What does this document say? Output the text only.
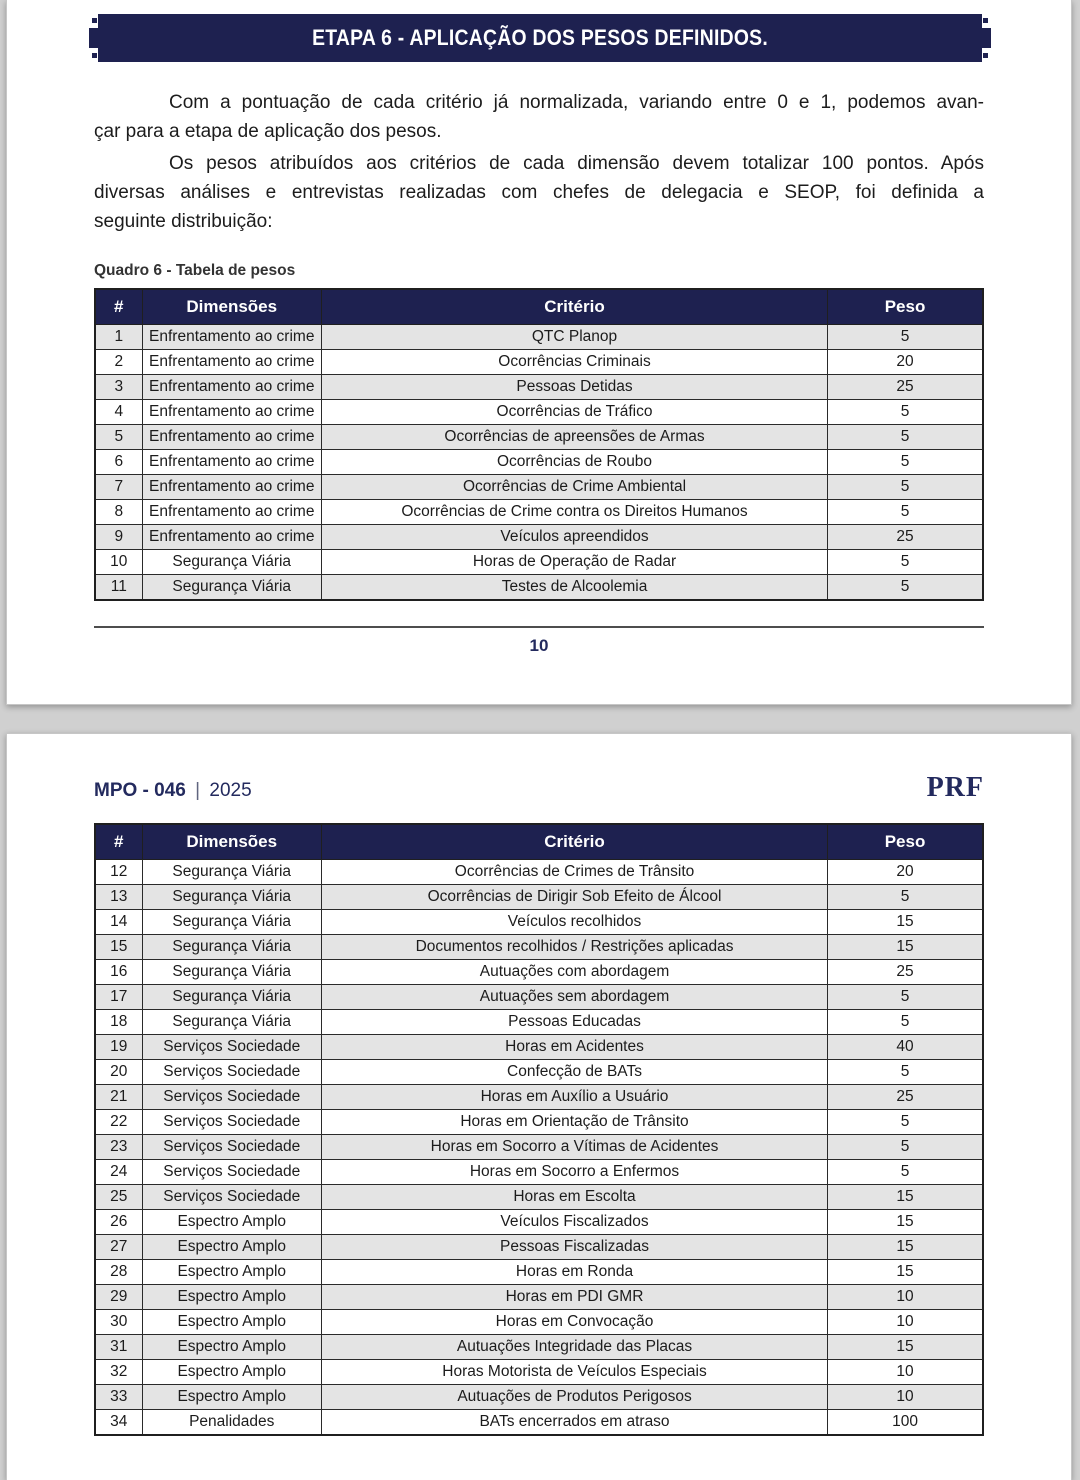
ETAPA 6 - APLICAÇÃO DOS PESOS DEFINIDOS.

Com a pontuação de cada critério já normalizada, variando entre 0 e 1, podemos avan-
çar para a etapa de aplicação dos pesos.

Os pesos atribuídos aos critérios de cada dimensão devem totalizar 100 pontos. Após
diversas análises e entrevistas realizadas com chefes de delegacia e SEOP, foi definida a
seguinte distribuição:

Quadro 6 - Tabela de pesos
#	Dimensões	Critério	Peso
1	Enfrentamento ao crime	QTC Planop	5
2	Enfrentamento ao crime	Ocorrências Criminais	20
3	Enfrentamento ao crime	Pessoas Detidas	25
4	Enfrentamento ao crime	Ocorrências de Tráfico	5
5	Enfrentamento ao crime	Ocorrências de apreensões de Armas	5
6	Enfrentamento ao crime	Ocorrências de Roubo	5
7	Enfrentamento ao crime	Ocorrências de Crime Ambiental	5
8	Enfrentamento ao crime	Ocorrências de Crime contra os Direitos Humanos	5
9	Enfrentamento ao crime	Veículos apreendidos	25
10	Segurança Viária	Horas de Operação de Radar	5
11	Segurança Viária	Testes de Alcoolemia	5
10
MPO - 046 | 2025	PRF
#	Dimensões	Critério	Peso
12	Segurança Viária	Ocorrências de Crimes de Trânsito	20
13	Segurança Viária	Ocorrências de Dirigir Sob Efeito de Álcool	5
14	Segurança Viária	Veículos recolhidos	15
15	Segurança Viária	Documentos recolhidos / Restrições aplicadas	15
16	Segurança Viária	Autuações com abordagem	25
17	Segurança Viária	Autuações sem abordagem	5
18	Segurança Viária	Pessoas Educadas	5
19	Serviços Sociedade	Horas em Acidentes	40
20	Serviços Sociedade	Confecção de BATs	5
21	Serviços Sociedade	Horas em Auxílio a Usuário	25
22	Serviços Sociedade	Horas em Orientação de Trânsito	5
23	Serviços Sociedade	Horas em Socorro a Vítimas de Acidentes	5
24	Serviços Sociedade	Horas em Socorro a Enfermos	5
25	Serviços Sociedade	Horas em Escolta	15
26	Espectro Amplo	Veículos Fiscalizados	15
27	Espectro Amplo	Pessoas Fiscalizadas	15
28	Espectro Amplo	Horas em Ronda	15
29	Espectro Amplo	Horas em PDI GMR	10
30	Espectro Amplo	Horas em Convocação	10
31	Espectro Amplo	Autuações Integridade das Placas	15
32	Espectro Amplo	Horas Motorista de Veículos Especiais	10
33	Espectro Amplo	Autuações de Produtos Perigosos	10
34	Penalidades	BATs encerrados em atraso	100
